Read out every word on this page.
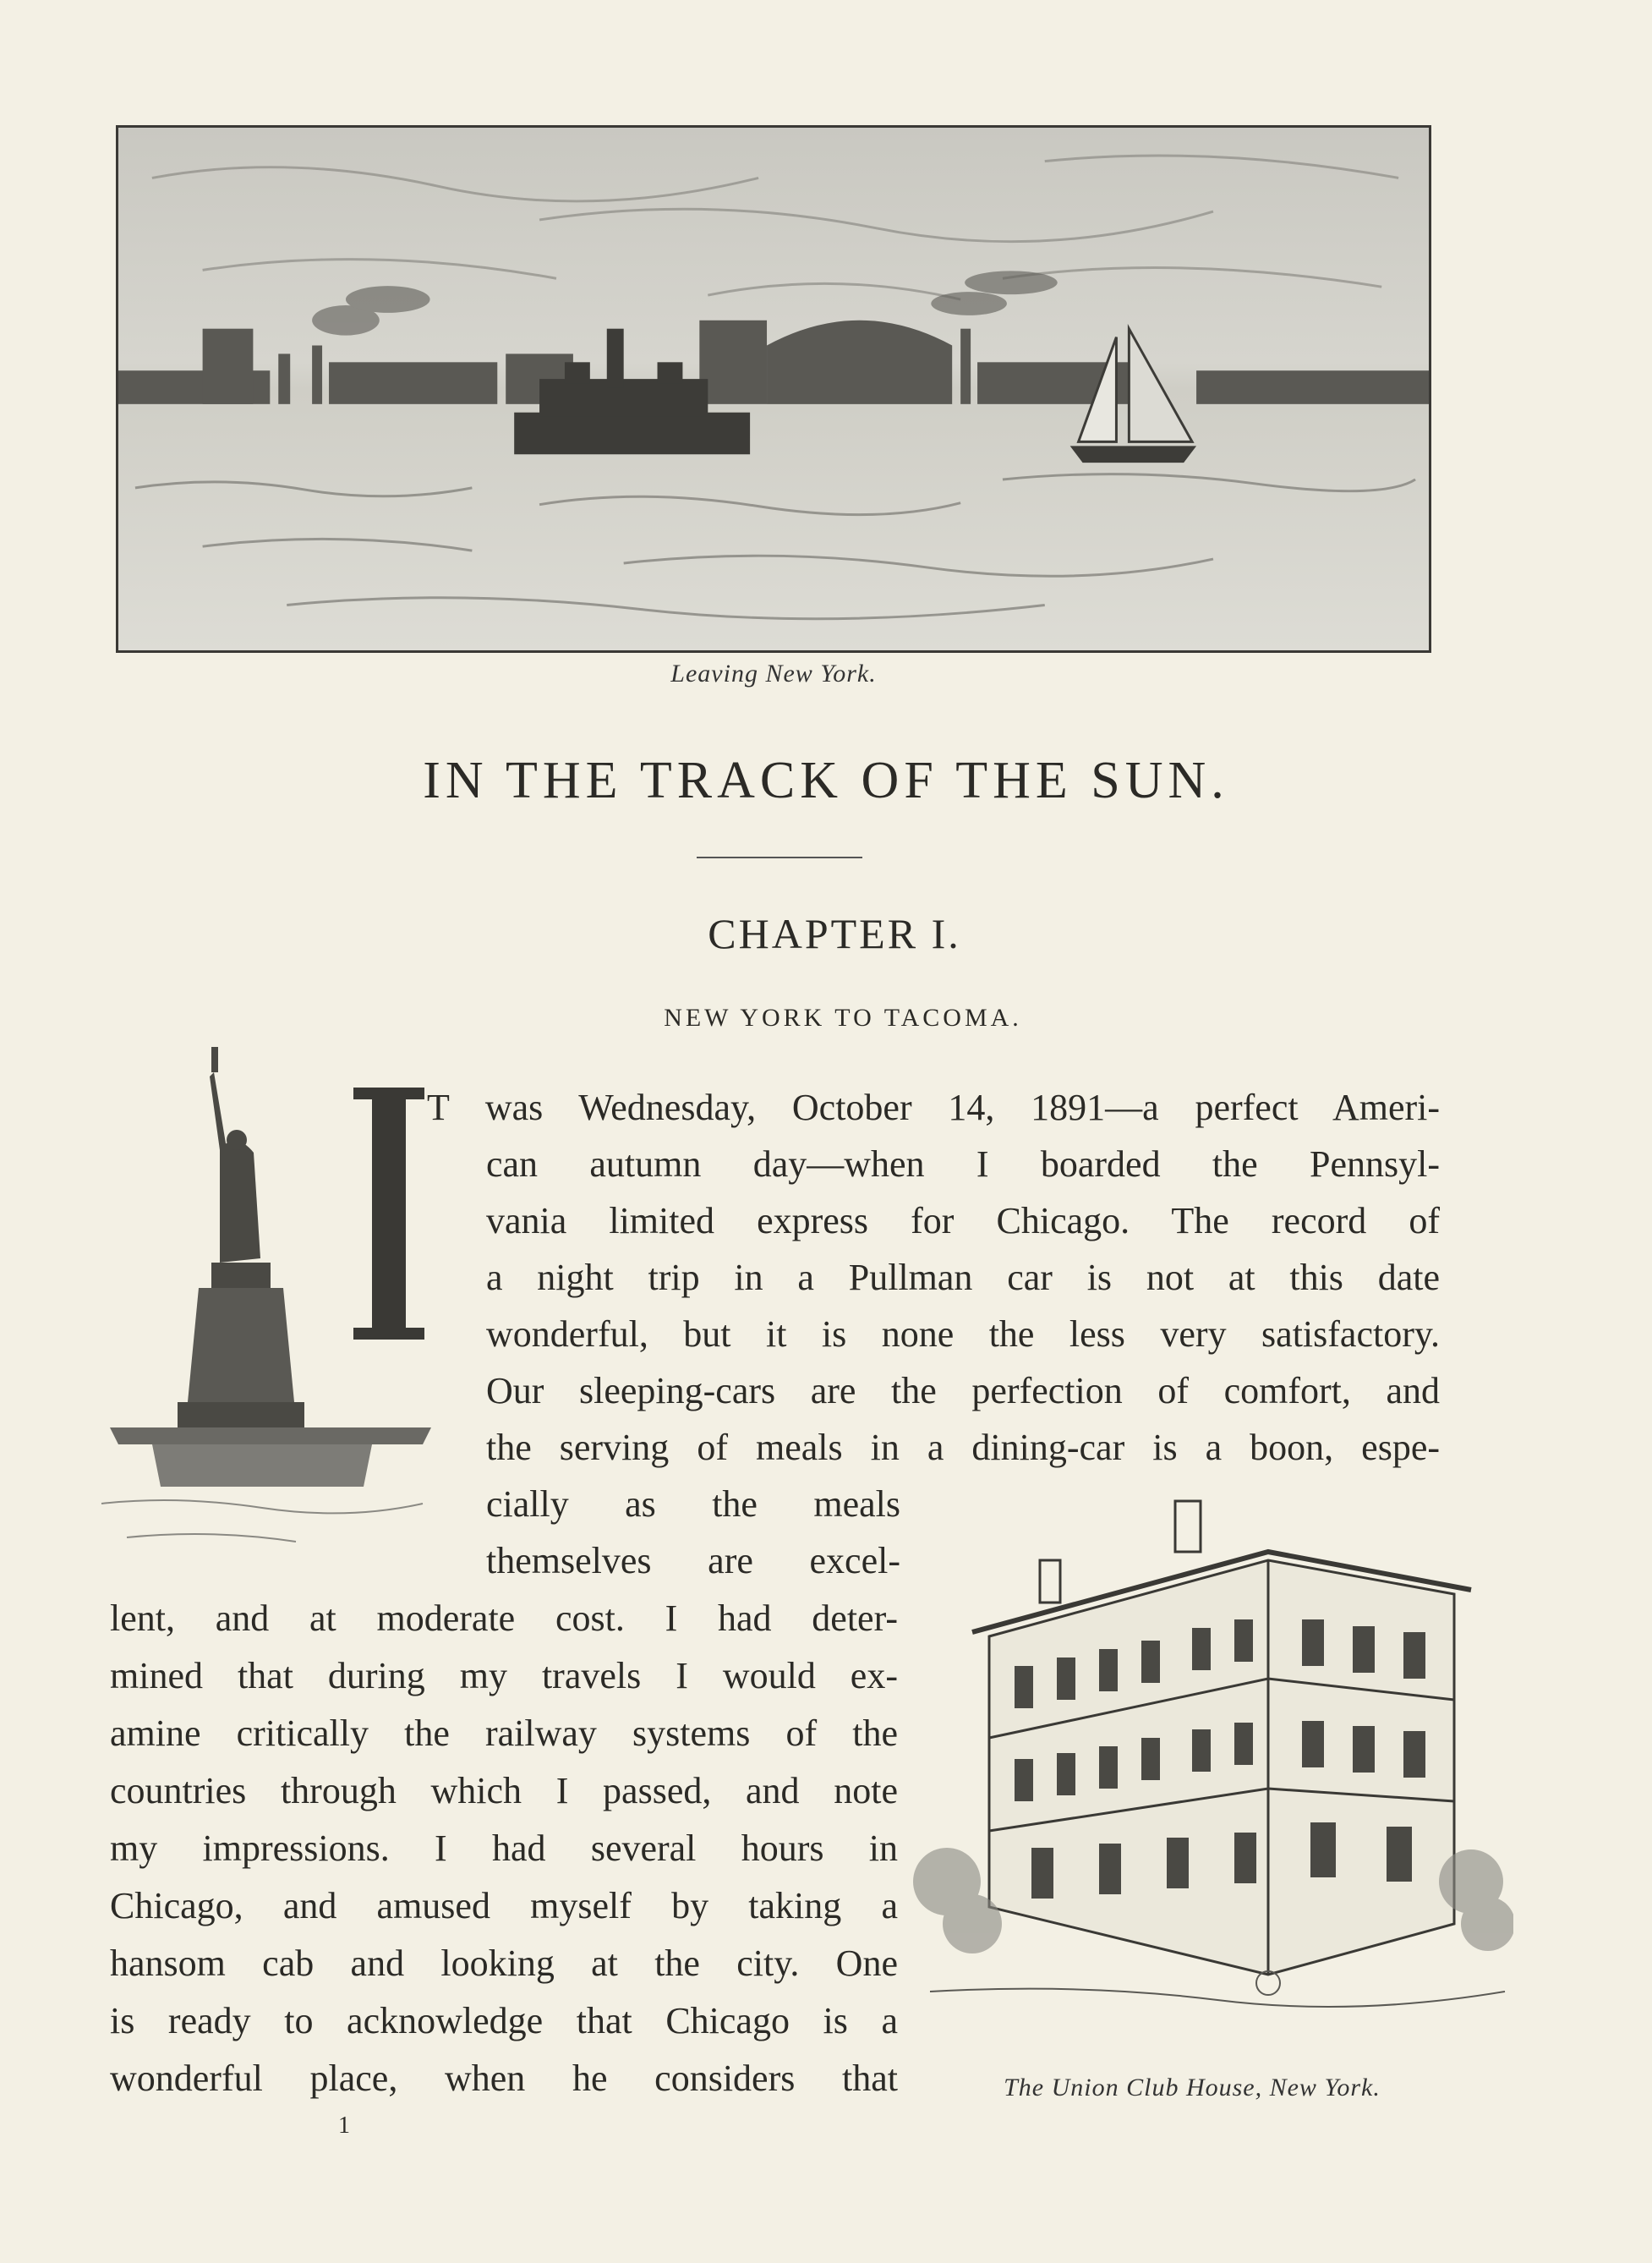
Leaving New York.
IN THE TRACK OF THE SUN.
CHAPTER I.
NEW YORK TO TACOMA.
T was Wednesday, October 14, 1891—a perfect Ameri-
can autumn day—when I boarded the Pennsyl-
vania limited express for Chicago. The record of
a night trip in a Pullman car is not at this date
wonderful, but it is none the less very satisfactory.
Our sleeping-cars are the perfection of comfort, and
the serving of meals in a dining-car is a boon, espe-
cially as the meals
themselves are excel-
lent, and at moderate cost. I had deter-
mined that during my travels I would ex-
amine critically the railway systems of the
countries through which I passed, and note
my impressions. I had several hours in
Chicago, and amused myself by taking a
hansom cab and looking at the city. One
is ready to acknowledge that Chicago is a
wonderful place, when he considers that	The Union Club House, New York.
1
